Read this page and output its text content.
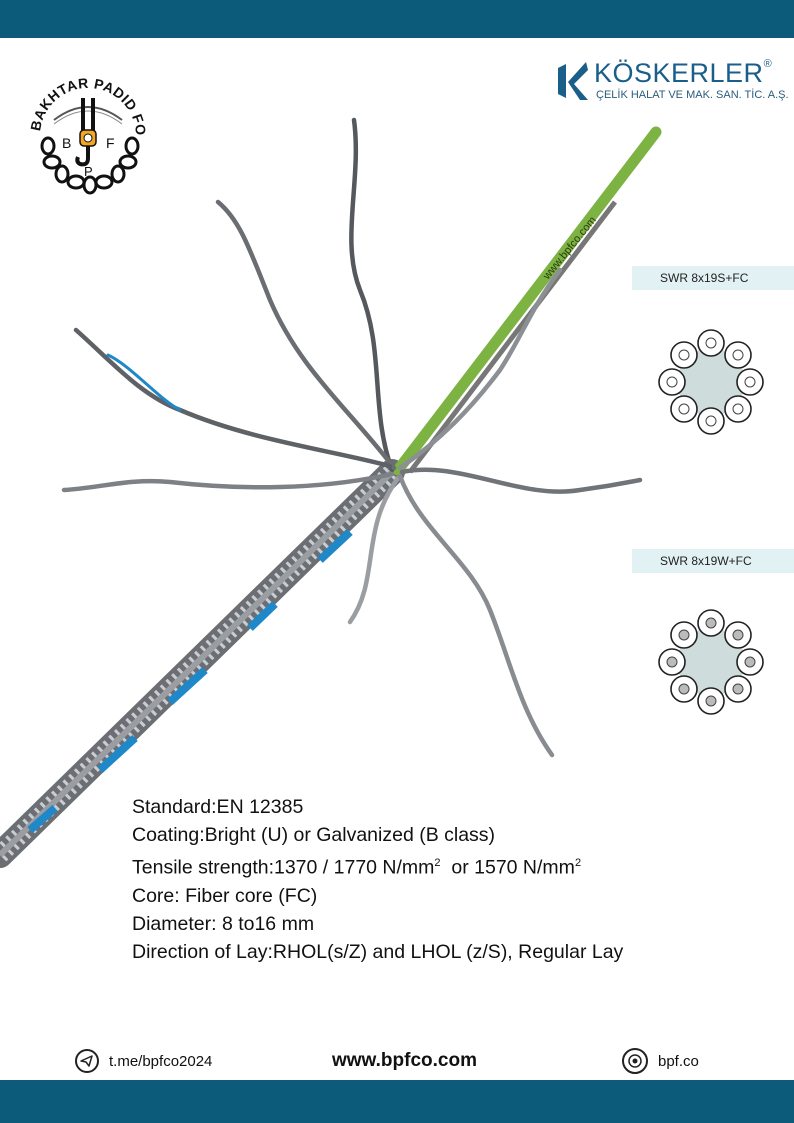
BAKHTAR PADID FO
B F
P
KÖSKERLER®
ÇELİK HALAT VE MAK. SAN. TİC. A.Ş.
www.bpfco.com	SWR 8x19S+FC
SWR 8x19W+FC
Standard:EN 12385
Coating:Bright (U) or Galvanized (B class)
Tensile strength:1370 / 1770 $N/mm^2$  or 1570 $N/mm^2$
Core: Fiber core (FC)
Diameter: 8 to16 mm
Direction of Lay:RHOL(s/Z) and LHOL (z/S), Regular Lay
t.me/bpfco2024	www.bpfco.com	bpf.co
